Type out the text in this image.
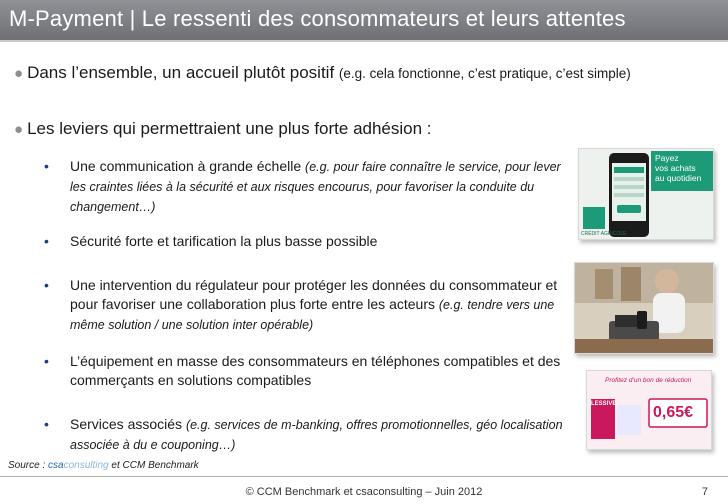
M-Payment | Le ressenti des consommateurs et leurs attentes
● Dans l’ensemble, un accueil plutôt positif (e.g. cela fonctionne, c’est pratique, c’est simple)
● Les leviers qui permettraient une plus forte adhésion :
• Une communication à grande échelle (e.g. pour faire connaître le service, pour lever les craintes liées à la sécurité et aux risques encourus, pour favoriser la conduite du changement…)
• Sécurité forte et tarification la plus basse possible
• Une intervention du régulateur pour protéger les données du consommateur et pour favoriser une collaboration plus forte entre les acteurs (e.g. tendre vers une même solution / une solution inter opérable)
• L’équipement en masse des consommateurs en téléphones compatibles et des commerçants en solutions compatibles
• Services associés (e.g. services de m-banking, offres promotionnelles, géo localisation associée à du e couponing…)
Payez
vos achats
au quotidien
CRÉDIT AGRICOLE
Profitez d’un bon de réduction
0,65€
LESSIVE
Source : csaconsulting et CCM Benchmark
© CCM Benchmark et csaconsulting – Juin 2012	7
